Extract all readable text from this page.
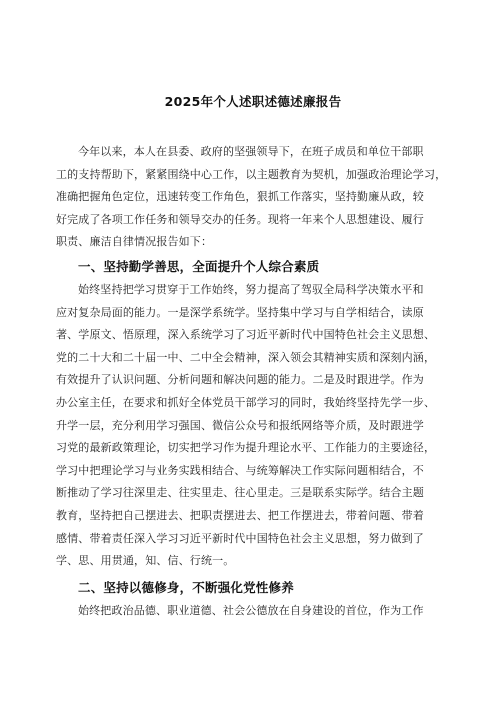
2025年个人述职述德述廉报告

今年以来，本人在县委、政府的坚强领导下，在班子成员和单位干部职

工的支持帮助下，紧紧围绕中心工作，以主题教育为契机，加强政治理论学习，

准确把握角色定位，迅速转变工作角色，狠抓工作落实，坚持勤廉从政，较

好完成了各项工作任务和领导交办的任务。现将一年来个人思想建设、履行

职责、廉洁自律情况报告如下：

一、坚持勤学善思，全面提升个人综合素质

始终坚持把学习贯穿于工作始终，努力提高了驾驭全局科学决策水平和

应对复杂局面的能力。一是深学系统学。坚持集中学习与自学相结合，读原

著、学原文、悟原理，深入系统学习了习近平新时代中国特色社会主义思想、

党的二十大和二十届一中、二中全会精神，深入领会其精神实质和深刻内涵，

有效提升了认识问题、分析问题和解决问题的能力。二是及时跟进学。作为

办公室主任，在要求和抓好全体党员干部学习的同时，我始终坚持先学一步、

升学一层，充分利用学习强国、微信公众号和报纸网络等介质，及时跟进学

习党的最新政策理论，切实把学习作为提升理论水平、工作能力的主要途径，

学习中把理论学习与业务实践相结合、与统筹解决工作实际问题相结合，不

断推动了学习往深里走、往实里走、往心里走。三是联系实际学。结合主题

教育，坚持把自己摆进去、把职责摆进去、把工作摆进去，带着问题、带着

感情、带着责任深入学习习近平新时代中国特色社会主义思想，努力做到了

学、思、用贯通，知、信、行统一。

二、坚持以德修身，不断强化党性修养

始终把政治品德、职业道德、社会公德放在自身建设的首位，作为工作
